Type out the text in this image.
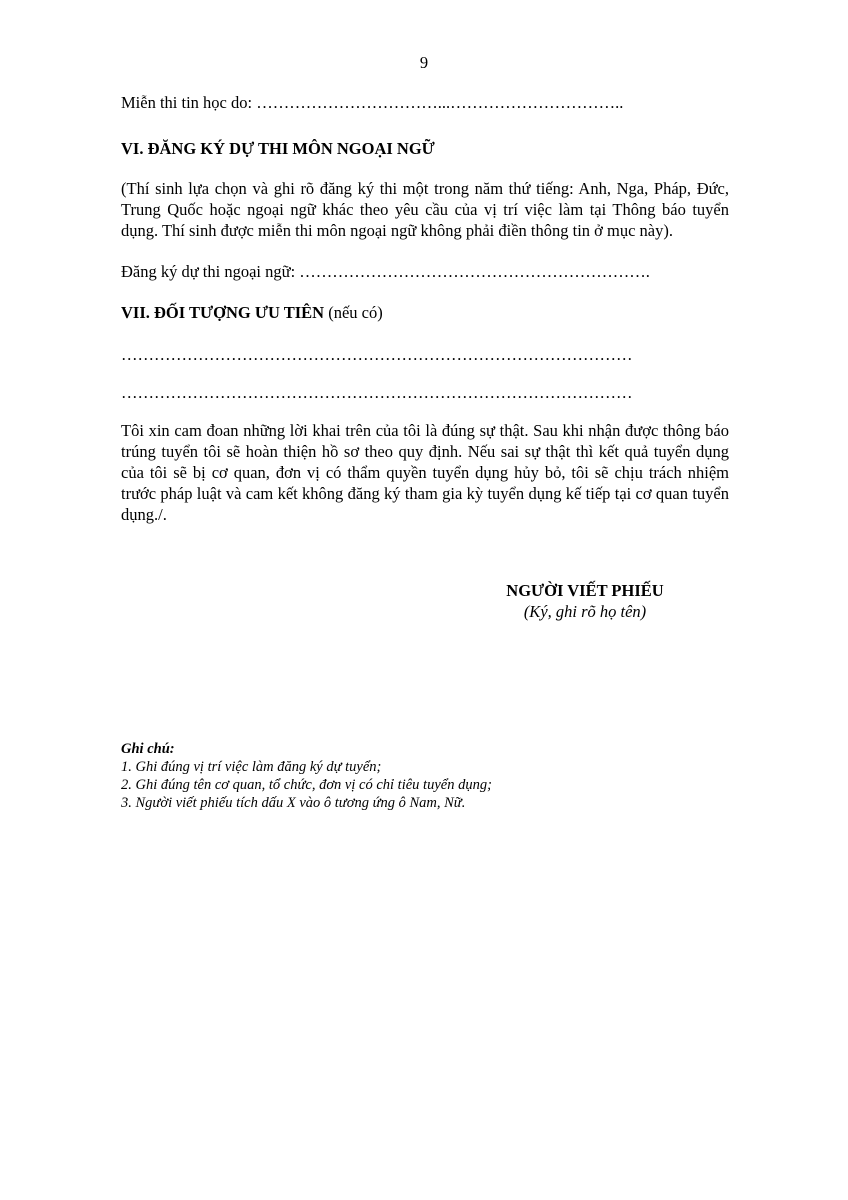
9
Miễn thi tin học do: ……………………………...…………………………..
VI. ĐĂNG KÝ DỰ THI MÔN NGOẠI NGỮ
(Thí sinh lựa chọn và ghi rõ đăng ký thi một trong năm thứ tiếng: Anh, Nga, Pháp, Đức, Trung Quốc hoặc ngoại ngữ khác theo yêu cầu của vị trí việc làm tại Thông báo tuyển dụng. Thí sinh được miễn thi môn ngoại ngữ không phải điền thông tin ở mục này).
Đăng ký dự thi ngoại ngữ: ……………………………………………………….
VII. ĐỐI TƯỢNG ƯU TIÊN (nếu có)
…………………………………………………………………………………
…………………………………………………………………………………
Tôi xin cam đoan những lời khai trên của tôi là đúng sự thật. Sau khi nhận được thông báo trúng tuyển tôi sẽ hoàn thiện hồ sơ theo quy định. Nếu sai sự thật thì kết quả tuyển dụng của tôi sẽ bị cơ quan, đơn vị có thẩm quyền tuyển dụng hủy bỏ, tôi sẽ chịu trách nhiệm trước pháp luật và cam kết không đăng ký tham gia kỳ tuyển dụng kế tiếp tại cơ quan tuyển dụng./.
NGƯỜI VIẾT PHIẾU
(Ký, ghi rõ họ tên)
Ghi chú:
1. Ghi đúng vị trí việc làm đăng ký dự tuyển;
2. Ghi đúng tên cơ quan, tổ chức, đơn vị có chỉ tiêu tuyển dụng;
3. Người viết phiếu tích dấu X vào ô tương ứng ô Nam, Nữ.
